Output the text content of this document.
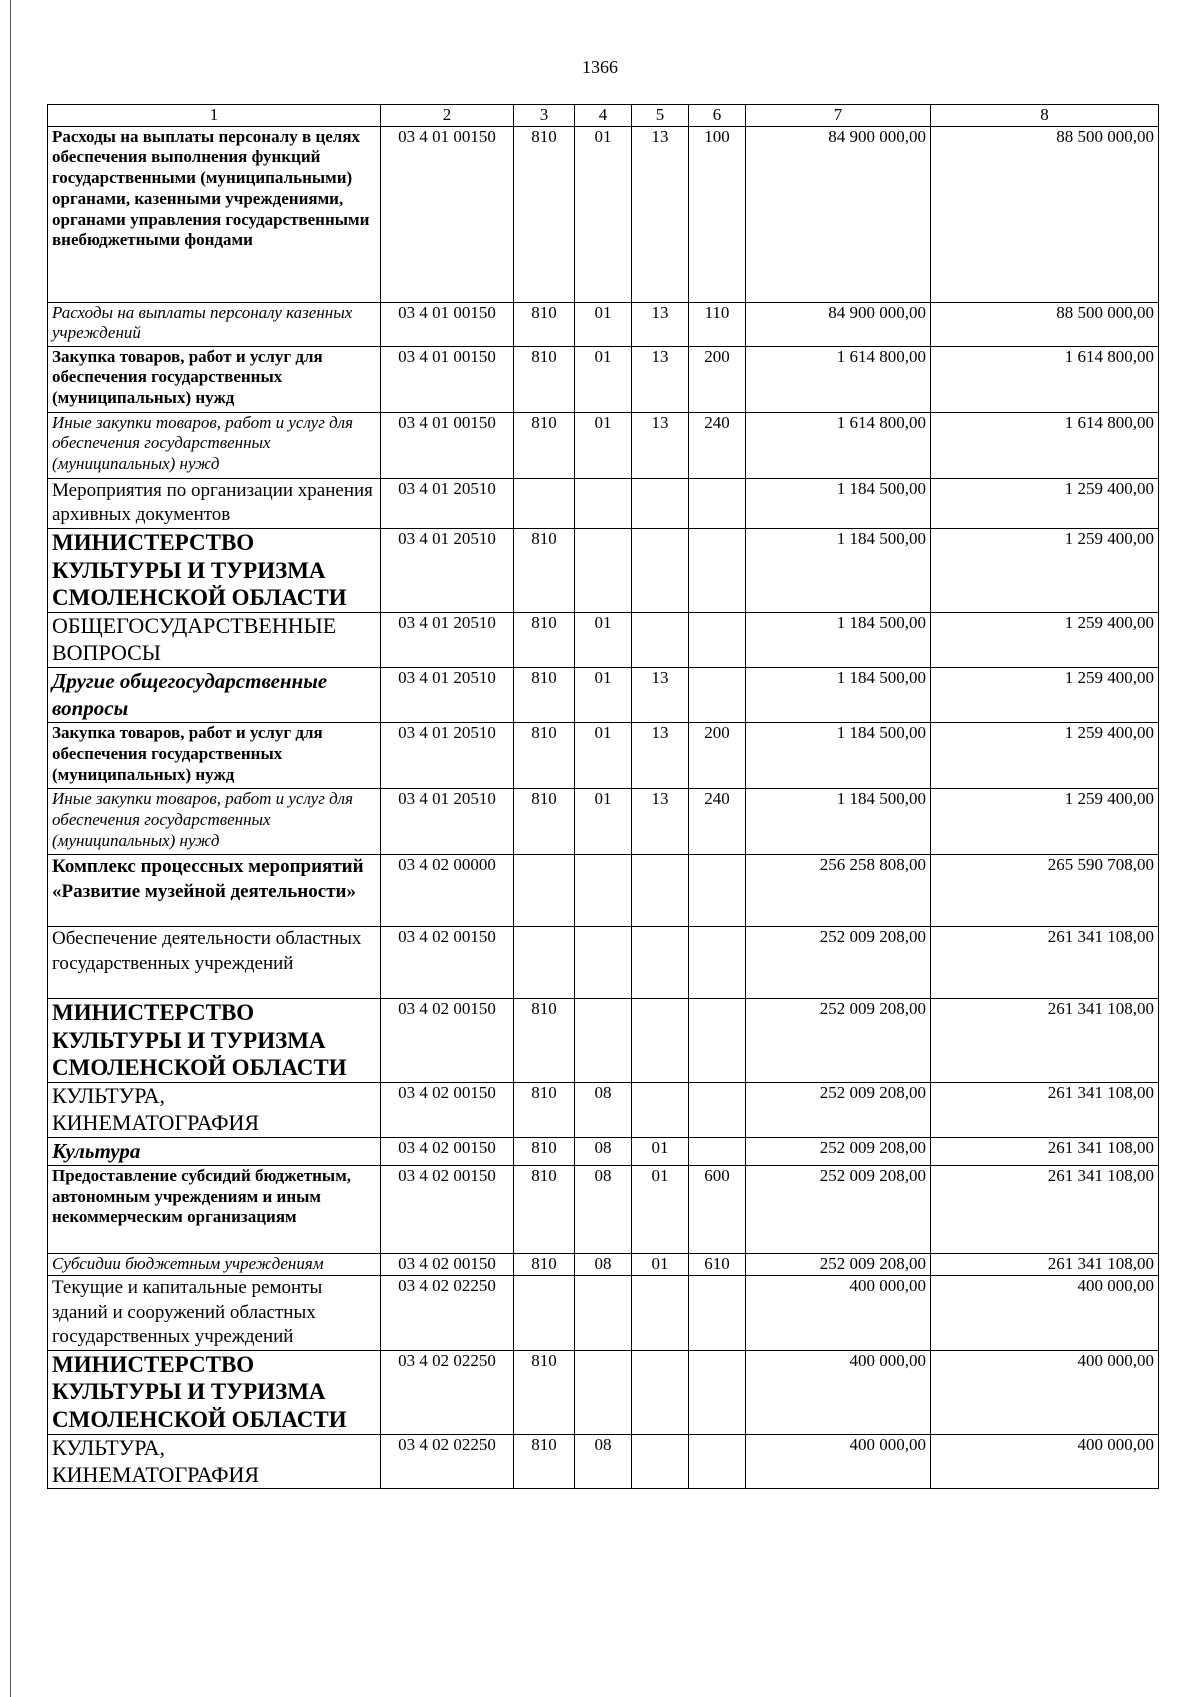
1366
1	2	3	4	5	6	7	8
Расходы на выплаты персоналу в целях обеспечения выполнения функций государственными (муниципальными) органами, казенными учреждениями, органами управления государственными внебюджетными фондами	03 4 01 00150	810	01	13	100	84 900 000,00	88 500 000,00
Расходы на выплаты персоналу казенных учреждений	03 4 01 00150	810	01	13	110	84 900 000,00	88 500 000,00
Закупка товаров, работ и услуг для обеспечения государственных (муниципальных) нужд	03 4 01 00150	810	01	13	200	1 614 800,00	1 614 800,00
Иные закупки товаров, работ и услуг для обеспечения государственных (муниципальных) нужд	03 4 01 00150	810	01	13	240	1 614 800,00	1 614 800,00
Мероприятия по организации хранения архивных документов	03 4 01 20510					1 184 500,00	1 259 400,00
МИНИСТЕРСТВО КУЛЬТУРЫ И ТУРИЗМА СМОЛЕНСКОЙ ОБЛАСТИ	03 4 01 20510	810				1 184 500,00	1 259 400,00
ОБЩЕГОСУДАРСТВЕННЫЕ ВОПРОСЫ	03 4 01 20510	810	01			1 184 500,00	1 259 400,00
Другие общегосударственные вопросы	03 4 01 20510	810	01	13		1 184 500,00	1 259 400,00
Закупка товаров, работ и услуг для обеспечения государственных (муниципальных) нужд	03 4 01 20510	810	01	13	200	1 184 500,00	1 259 400,00
Иные закупки товаров, работ и услуг для обеспечения государственных (муниципальных) нужд	03 4 01 20510	810	01	13	240	1 184 500,00	1 259 400,00
Комплекс процессных мероприятий «Развитие музейной деятельности»	03 4 02 00000					256 258 808,00	265 590 708,00
Обеспечение деятельности областных государственных учреждений	03 4 02 00150					252 009 208,00	261 341 108,00
МИНИСТЕРСТВО КУЛЬТУРЫ И ТУРИЗМА СМОЛЕНСКОЙ ОБЛАСТИ	03 4 02 00150	810				252 009 208,00	261 341 108,00
КУЛЬТУРА, КИНЕМАТОГРАФИЯ	03 4 02 00150	810	08			252 009 208,00	261 341 108,00
Культура	03 4 02 00150	810	08	01		252 009 208,00	261 341 108,00
Предоставление субсидий бюджетным, автономным учреждениям и иным некоммерческим организациям	03 4 02 00150	810	08	01	600	252 009 208,00	261 341 108,00
Субсидии бюджетным учреждениям	03 4 02 00150	810	08	01	610	252 009 208,00	261 341 108,00
Текущие и капитальные ремонты зданий и сооружений областных государственных учреждений	03 4 02 02250					400 000,00	400 000,00
МИНИСТЕРСТВО КУЛЬТУРЫ И ТУРИЗМА СМОЛЕНСКОЙ ОБЛАСТИ	03 4 02 02250	810				400 000,00	400 000,00
КУЛЬТУРА, КИНЕМАТОГРАФИЯ	03 4 02 02250	810	08			400 000,00	400 000,00
